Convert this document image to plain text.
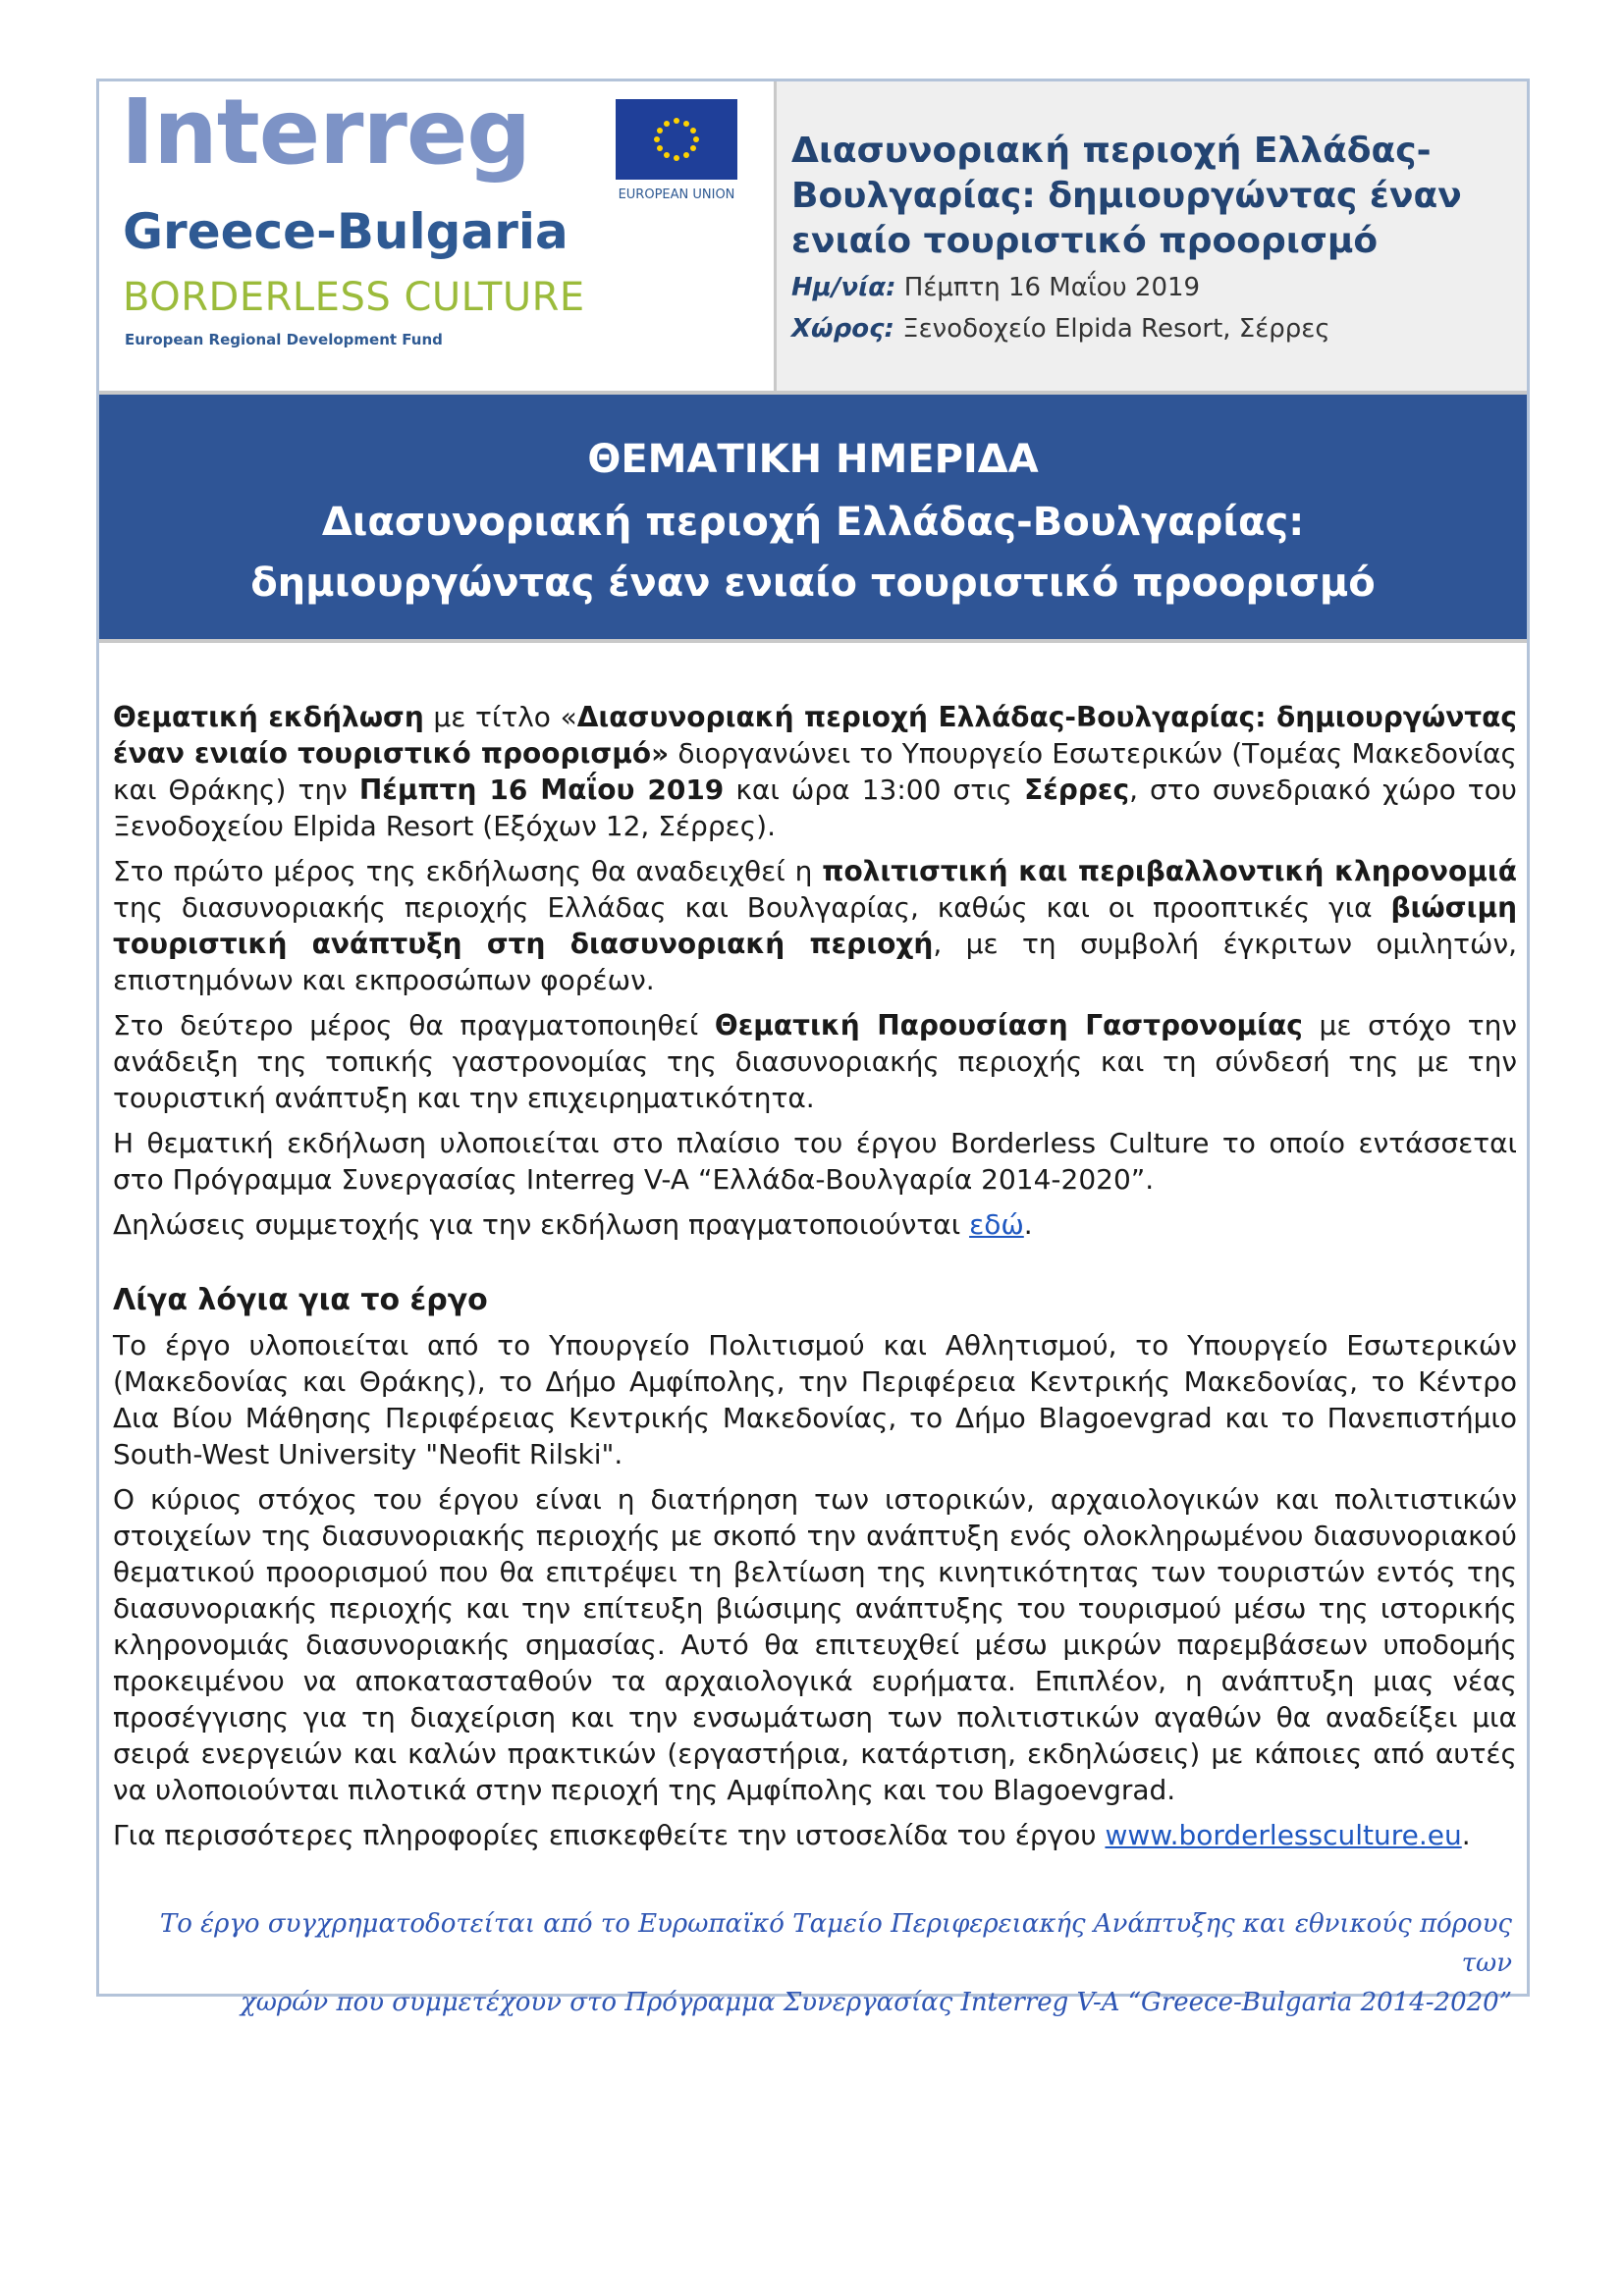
Interreg
Greece-Bulgaria
BORDERLESS CULTURE
European Regional Development Fund
EUROPEAN UNION
Διασυνοριακή περιοχή Ελλάδας-
Βουλγαρίας: δημιουργώντας έναν
ενιαίο τουριστικό προορισμό
Ημ/νία: Πέμπτη 16 Μαΐου 2019
Χώρος: Ξενοδοχείο Elpida Resort, Σέρρες
ΘΕΜΑΤΙΚΗ ΗΜΕΡΙΔΑ
Διασυνοριακή περιοχή Ελλάδας-Βουλγαρίας:
δημιουργώντας έναν ενιαίο τουριστικό προορισμό

Θεματική εκδήλωση με τίτλο «Διασυνοριακή περιοχή Ελλάδας-Βουλγαρίας: δημιουργώντας έναν ενιαίο τουριστικό προορισμό» διοργανώνει το Υπουργείο Εσωτερικών (Τομέας Μακεδονίας και Θράκης) την Πέμπτη 16 Μαΐου 2019 και ώρα 13:00 στις Σέρρες, στο συνεδριακό χώρο του Ξενοδοχείου Elpida Resort (Εξόχων 12, Σέρρες).

Στο πρώτο μέρος της εκδήλωσης θα αναδειχθεί η πολιτιστική και περιβαλλοντική κληρονομιά της διασυνοριακής περιοχής Ελλάδας και Βουλγαρίας, καθώς και οι προοπτικές για βιώσιμη τουριστική ανάπτυξη στη διασυνοριακή περιοχή, με τη συμβολή έγκριτων ομιλητών, επιστημόνων και εκπροσώπων φορέων.

Στο δεύτερο μέρος θα πραγματοποιηθεί Θεματική Παρουσίαση Γαστρονομίας με στόχο την ανάδειξη της τοπικής γαστρονομίας της διασυνοριακής περιοχής και τη σύνδεσή της με την τουριστική ανάπτυξη και την επιχειρηματικότητα.

Η θεματική εκδήλωση υλοποιείται στο πλαίσιο του έργου Borderless Culture το οποίο εντάσσεται στο Πρόγραμμα Συνεργασίας Interreg V-A “Ελλάδα-Βουλγαρία 2014-2020”.

Δηλώσεις συμμετοχής για την εκδήλωση πραγματοποιούνται εδώ.

Λίγα λόγια για το έργο

Το έργο υλοποιείται από το Υπουργείο Πολιτισμού και Αθλητισμού, το Υπουργείο Εσωτερικών (Μακεδονίας και Θράκης), το Δήμο Αμφίπολης, την Περιφέρεια Κεντρικής Μακεδονίας, το Κέντρο Δια Βίου Μάθησης Περιφέρειας Κεντρικής Μακεδονίας, το Δήμο Blagoevgrad και το Πανεπιστήμιο South-West University "Neofit Rilski".

Ο κύριος στόχος του έργου είναι η διατήρηση των ιστορικών, αρχαιολογικών και πολιτιστικών στοιχείων της διασυνοριακής περιοχής με σκοπό την ανάπτυξη ενός ολοκληρωμένου διασυνοριακού θεματικού προορισμού που θα επιτρέψει τη βελτίωση της κινητικότητας των τουριστών εντός της διασυνοριακής περιοχής και την επίτευξη βιώσιμης ανάπτυξης του τουρισμού μέσω της ιστορικής κληρονομιάς διασυνοριακής σημασίας. Αυτό θα επιτευχθεί μέσω μικρών παρεμβάσεων υποδομής προκειμένου να αποκατασταθούν τα αρχαιολογικά ευρήματα. Επιπλέον, η ανάπτυξη μιας νέας προσέγγισης για τη διαχείριση και την ενσωμάτωση των πολιτιστικών αγαθών θα αναδείξει μια σειρά ενεργειών και καλών πρακτικών (εργαστήρια, κατάρτιση, εκδηλώσεις) με κάποιες από αυτές να υλοποιούνται πιλοτικά στην περιοχή της Αμφίπολης και του Blagoevgrad.

Για περισσότερες πληροφορίες επισκεφθείτε την ιστοσελίδα του έργου www.borderlessculture.eu.

Το έργο συγχρηματοδοτείται από το Ευρωπαϊκό Ταμείο Περιφερειακής Ανάπτυξης και εθνικούς πόρους των
χωρών που συμμετέχουν στο Πρόγραμμα Συνεργασίας Interreg V-A “Greece-Bulgaria 2014-2020”
